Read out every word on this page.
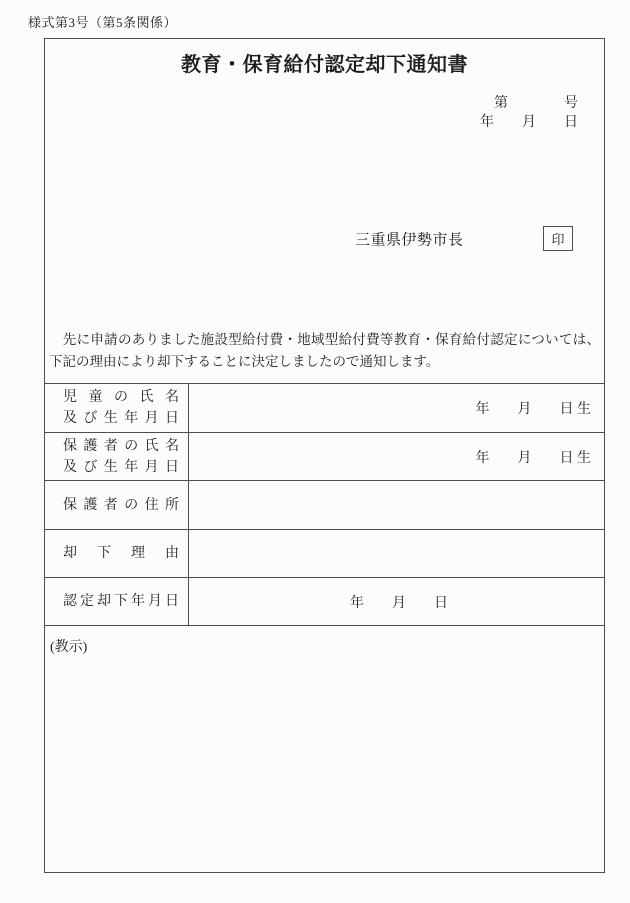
様式第3号（第5条関係）
教育・保育給付認定却下通知書
第　　　　号
年　　月　　日
三重県伊勢市長	印

　先に申請のありました施設型給付費・地域型給付費等教育・保育給付認定については、下記の理由により却下することに決定しましたので通知します。

児童の氏名
及び生年月日
年　　月　　日 生
保護者の氏名
及び生年月日
年　　月　　日 生
保護者の住所
却下理由
認定却下年月日	年　　月　　日
(教示)
